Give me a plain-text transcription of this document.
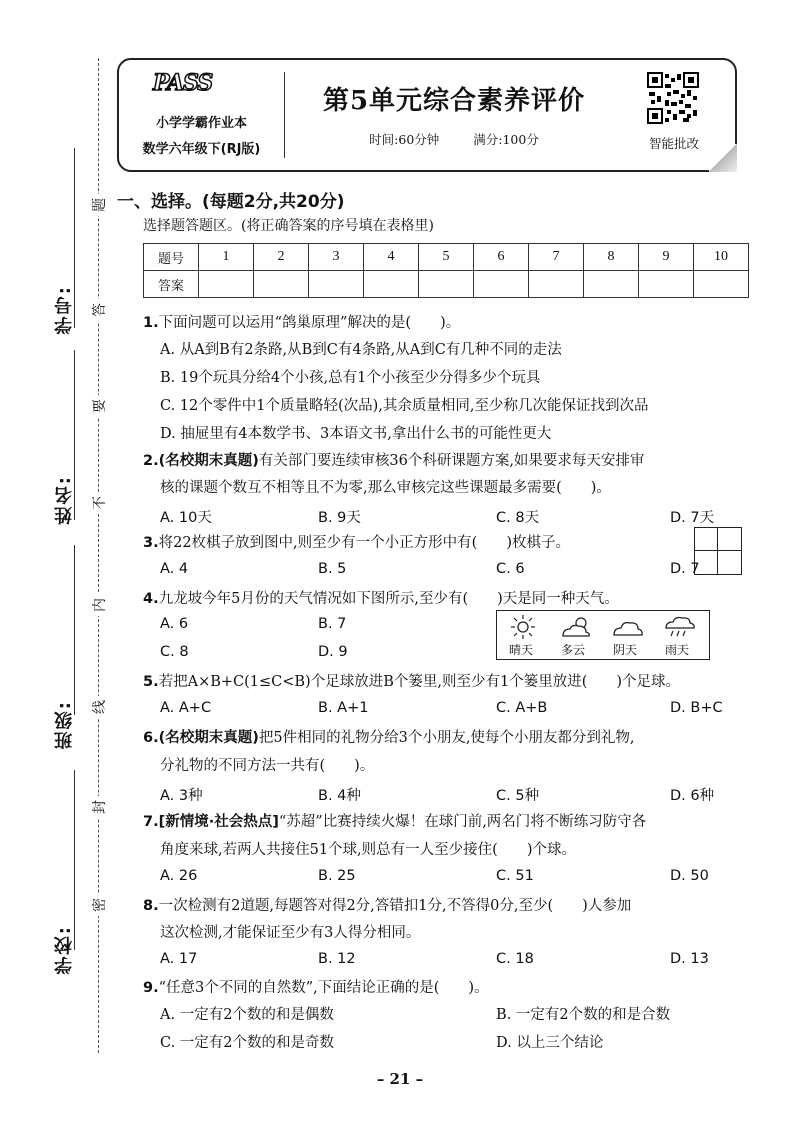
学号:
姓名:
班级:
学校:
题
答
要
不
内
线
封
密
PASS
小学学霸作业本
数学六年级下(RJ版)
第5单元综合素养评价
时间:60分钟	满分:100分	智能批改
一、选择。(每题2分,共20分)
选择题答题区。(将正确答案的序号填在表格里)
题号	1	2	3	4	5	6	7	8	9	10
答案										
1.下面问题可以运用“鸽巢原理”解决的是(　　)。
A. 从A到B有2条路,从B到C有4条路,从A到C有几种不同的走法
B. 19个玩具分给4个小孩,总有1个小孩至少分得多少个玩具
C. 12个零件中1个质量略轻(次品),其余质量相同,至少称几次能保证找到次品
D. 抽屉里有4本数学书、3本语文书,拿出什么书的可能性更大
2.(名校期末真题)有关部门要连续审核36个科研课题方案,如果要求每天安排审
核的课题个数互不相等且不为零,那么审核完这些课题最多需要(　　)。
A. 10天	B. 9天	C. 8天	D. 7天
3.将22枚棋子放到图中,则至少有一个小正方形中有(　　)枚棋子。
A. 4	B. 5	C. 6	D. 7
4.九龙坡今年5月份的天气情况如下图所示,至少有(　　)天是同一种天气。
A. 6	B. 7
C. 8	D. 9	晴天 多云 阴天 雨天
5.若把A×B+C(1≤C<B)个足球放进B个篓里,则至少有1个篓里放进(　　)个足球。
A. A+C	B. A+1	C. A+B	D. B+C
6.(名校期末真题)把5件相同的礼物分给3个小朋友,使每个小朋友都分到礼物,
分礼物的不同方法一共有(　　)。
A. 3种	B. 4种	C. 5种	D. 6种
7.[新情境·社会热点]“苏超”比赛持续火爆！在球门前,两名门将不断练习防守各
角度来球,若两人共接住51个球,则总有一人至少接住(　　)个球。
A. 26	B. 25	C. 51	D. 50
8.一次检测有2道题,每题答对得2分,答错扣1分,不答得0分,至少(　　)人参加
这次检测,才能保证至少有3人得分相同。
A. 17	B. 12	C. 18	D. 13
9.“任意3个不同的自然数”,下面结论正确的是(　　)。
A. 一定有2个数的和是偶数	B. 一定有2个数的和是合数
C. 一定有2个数的和是奇数	D. 以上三个结论
– 21 –
